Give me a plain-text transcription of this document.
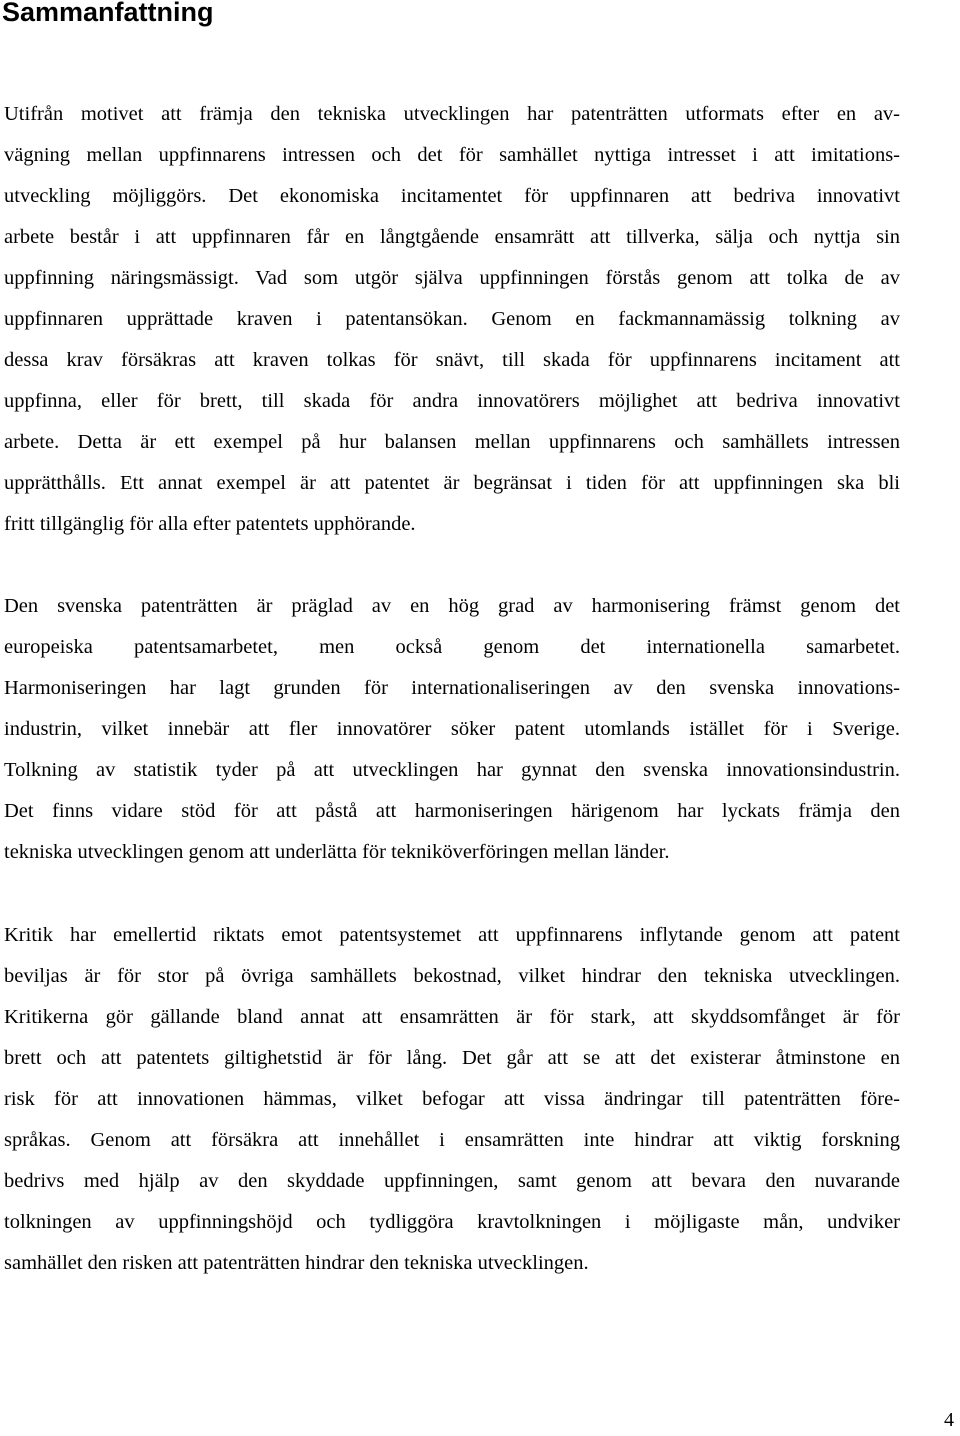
Sammanfattning
Utifrån motivet att främja den tekniska utvecklingen har patenträtten utformats efter en av-
vägning mellan uppfinnarens intressen och det för samhället nyttiga intresset i att imitations-
utveckling möjliggörs. Det ekonomiska incitamentet för uppfinnaren att bedriva innovativt
arbete består i att uppfinnaren får en långtgående ensamrätt att tillverka, sälja och nyttja sin
uppfinning näringsmässigt. Vad som utgör själva uppfinningen förstås genom att tolka de av
uppfinnaren upprättade kraven i patentansökan. Genom en fackmannamässig tolkning av
dessa krav försäkras att kraven tolkas för snävt, till skada för uppfinnarens incitament att
uppfinna, eller för brett, till skada för andra innovatörers möjlighet att bedriva innovativt
arbete. Detta är ett exempel på hur balansen mellan uppfinnarens och samhällets intressen
upprätthålls. Ett annat exempel är att patentet är begränsat i tiden för att uppfinningen ska bli
fritt tillgänglig för alla efter patentets upphörande.
Den svenska patenträtten är präglad av en hög grad av harmonisering främst genom det
europeiska patentsamarbetet, men också genom det internationella samarbetet.
Harmoniseringen har lagt grunden för internationaliseringen av den svenska innovations-
industrin, vilket innebär att fler innovatörer söker patent utomlands istället för i Sverige.
Tolkning av statistik tyder på att utvecklingen har gynnat den svenska innovationsindustrin.
Det finns vidare stöd för att påstå att harmoniseringen härigenom har lyckats främja den
tekniska utvecklingen genom att underlätta för tekniköverföringen mellan länder.
Kritik har emellertid riktats emot patentsystemet att uppfinnarens inflytande genom att patent
beviljas är för stor på övriga samhällets bekostnad, vilket hindrar den tekniska utvecklingen.
Kritikerna gör gällande bland annat att ensamrätten är för stark, att skyddsomfånget är för
brett och att patentets giltighetstid är för lång. Det går att se att det existerar åtminstone en
risk för att innovationen hämmas, vilket befogar att vissa ändringar till patenträtten före-
språkas. Genom att försäkra att innehållet i ensamrätten inte hindrar att viktig forskning
bedrivs med hjälp av den skyddade uppfinningen, samt genom att bevara den nuvarande
tolkningen av uppfinningshöjd och tydliggöra kravtolkningen i möjligaste mån, undviker
samhället den risken att patenträtten hindrar den tekniska utvecklingen.
4
